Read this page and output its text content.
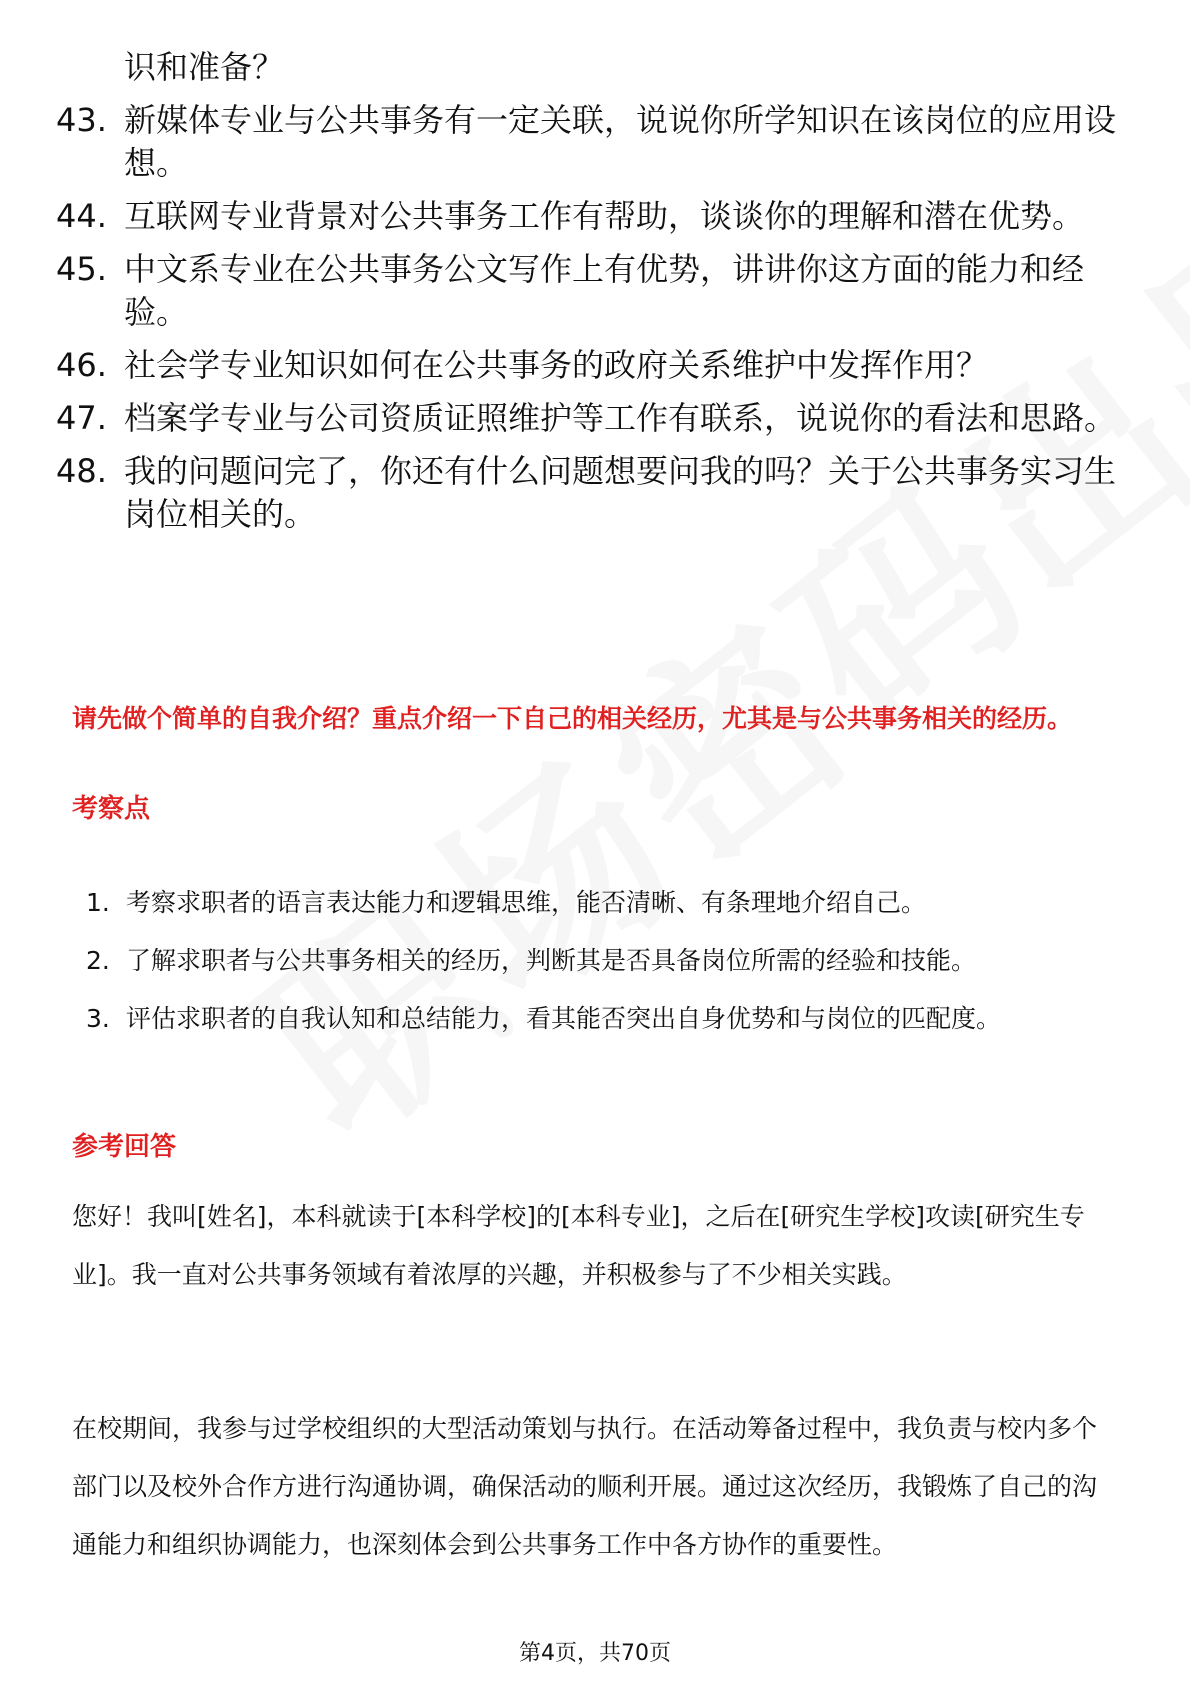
识和准备？
43. 新媒体专业与公共事务有一定关联，说说你所学知识在该岗位的应用设想。
44. 互联网专业背景对公共事务工作有帮助，谈谈你的理解和潜在优势。
45. 中文系专业在公共事务公文写作上有优势，讲讲你这方面的能力和经验。
46. 社会学专业知识如何在公共事务的政府关系维护中发挥作用？
47. 档案学专业与公司资质证照维护等工作有联系，说说你的看法和思路。
48. 我的问题问完了，你还有什么问题想要问我的吗？关于公共事务实习生岗位相关的。

请先做个简单的自我介绍？重点介绍一下自己的相关经历，尤其是与公共事务相关的经历。

考察点

1. 考察求职者的语言表达能力和逻辑思维，能否清晰、有条理地介绍自己。
2. 了解求职者与公共事务相关的经历，判断其是否具备岗位所需的经验和技能。
3. 评估求职者的自我认知和总结能力，看其能否突出自身优势和与岗位的匹配度。

参考回答

您好！我叫[姓名]，本科就读于[本科学校]的[本科专业]，之后在[研究生学校]攻读[研究生专业]。我一直对公共事务领域有着浓厚的兴趣，并积极参与了不少相关实践。

在校期间，我参与过学校组织的大型活动策划与执行。在活动筹备过程中，我负责与校内多个部门以及校外合作方进行沟通协调，确保活动的顺利开展。通过这次经历，我锻炼了自己的沟通能力和组织协调能力，也深刻体会到公共事务工作中各方协作的重要性。

第4页，共70页
